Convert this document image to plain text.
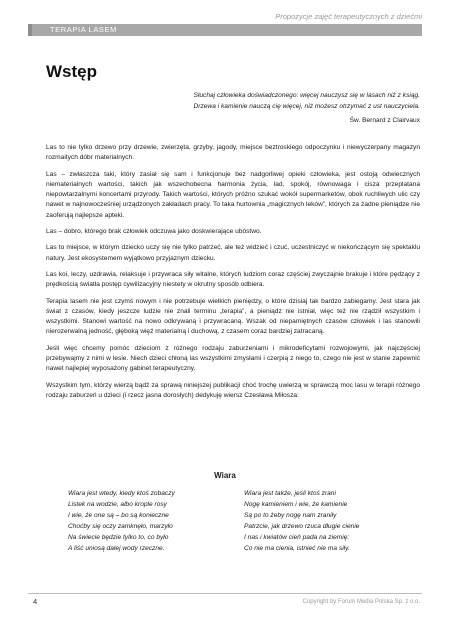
Propozycje zajęć terapeutycznych z dziećmi
TERAPIA LASEM
Wstęp
Słuchaj człowieka doświadczonego: więcej nauczysz się w lasach niż z ksiąg.
Drzewa i kamienie nauczą cię więcej, niż możesz otrzymać z ust nauczyciela.
Św. Bernard z Clairvaux

Las to nie tylko drzewo przy drzewie, zwierzęta, grzyby, jagody, miejsce beztroskiego odpoczynku i niewyczerpany magazyn rozmaitych dóbr materialnych.

Las – zwłaszcza taki, który zasiał się sam i funkcjonuje bez nadgorliwej opieki człowieka, jest ostoją odwiecznych niematerialnych wartości, takich jak wszechobecna harmonia życia, ład, spokój, równowaga i cisza przeplatana niepowtarzalnymi koncertami przyrody. Takich wartości, których próżno szukać wokół supermarketów, obok ruchliwych ulic czy nawet w najnowocześniej urządzonych zakładach pracy. To taka hurtownia „magicznych leków”, których za żadne pieniądze nie zaoferują najlepsze apteki.

Las – dobro, którego brak człowiek odczuwa jako doskwierające ubóstwo.

Las to miejsce, w którym dziecko uczy się nie tylko patrzeć, ale też widzieć i czuć, uczestniczyć w niekończącym się spektaklu natury. Jest ekosystemem wyjątkowo przyjaznym dziecku.

Las koi, leczy, uzdrawia, relaksuje i przywraca siły witalne, których ludziom coraz częściej zwyczajnie brakuje i które pędzący z prędkością światła postęp cywilizacyjny niestety w okrutny sposób odbiera.

Terapia lasem nie jest czymś nowym i nie potrzebuje wielkich pieniędzy, o które dzisiaj tak bardzo zabiegamy. Jest stara jak świat z czasów, kiedy jeszcze ludzie nie znali terminu „terapia”, a pieniądz nie istniał, więc też nie rządził wszystkim i wszystkimi. Stanowi wartość na nowo odkrywaną i przywracaną. Wszak od niepamiętnych czasów człowiek i las stanowili nierozerwalną jedność, głęboką więź materialną i duchową, z czasem coraz bardziej zatracaną.

Jeśli więc chcemy pomóc dzieciom z różnego rodzaju zaburzeniami i mikrodeficytami rozwojowymi, jak najczęściej przebywajmy z nimi w lesie. Niech dzieci chłoną las wszystkimi zmysłami i czerpią z niego to, czego nie jest w stanie zapewnić nawet najlepiej wyposażony gabinet terapeutyczny.

Wszystkim tym, którzy wierzą bądź za sprawą niniejszej publikacji choć trochę uwierzą w sprawczą moc lasu w terapii różnego rodzaju zaburzeń u dzieci (i rzecz jasna dorosłych) dedykuję wiersz Czesława Miłosza:

Wiara
Wiara jest wtedy, kiedy ktoś zobaczy
Listek na wodzie, albo krople rosy
I wie, że one są – bo są konieczne
Choćby się oczy zamknęło, marzyło
Na świecie będzie tylko to, co było
A liść uniosą dalej wody rzeczne.
Wiara jest także, jeśli ktoś zrani
Nogę kamieniem i wie, że kamienie
Są po to żeby nogę nam zraniły
Patrzcie, jak drzewo rzuca długie cienie
I nas i kwiatów cień pada na ziemię:
Co nie ma cienia, istnieć nie ma siły.
4	Copyright by Forum Media Polska Sp. z o.o.
